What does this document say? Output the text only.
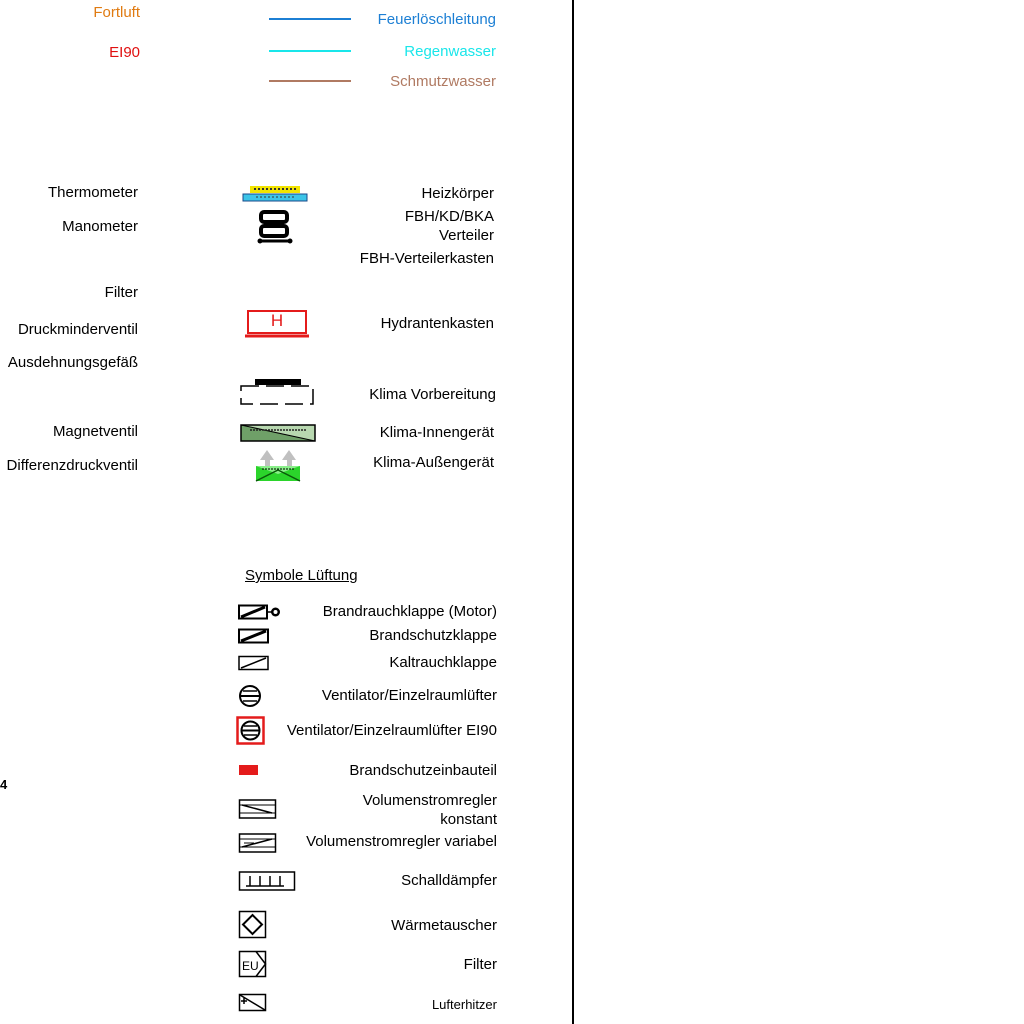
Fortluft
EI90
Feuerlöschleitung
Regenwasser
Schmutzwasser
Thermometer
Manometer
Filter
Druckminderventil
Ausdehnungsgefäß
Magnetventil
Differenzdruckventil
4
Heizkörper
FBH/KD/BKA
Verteiler
FBH-Verteilerkasten
H	Hydrantenkasten
Klima Vorbereitung
Klima-Innengerät
Klima-Außengerät
Symbole Lüftung
Brandrauchklappe (Motor)
Brandschutzklappe
Kaltrauchklappe
Ventilator/Einzelraumlüfter
Ventilator/Einzelraumlüfter EI90
Brandschutzeinbauteil
Volumenstromregler
konstant
Volumenstromregler variabel
Schalldämpfer
Wärmetauscher
EU	Filter
Lufterhitzer
